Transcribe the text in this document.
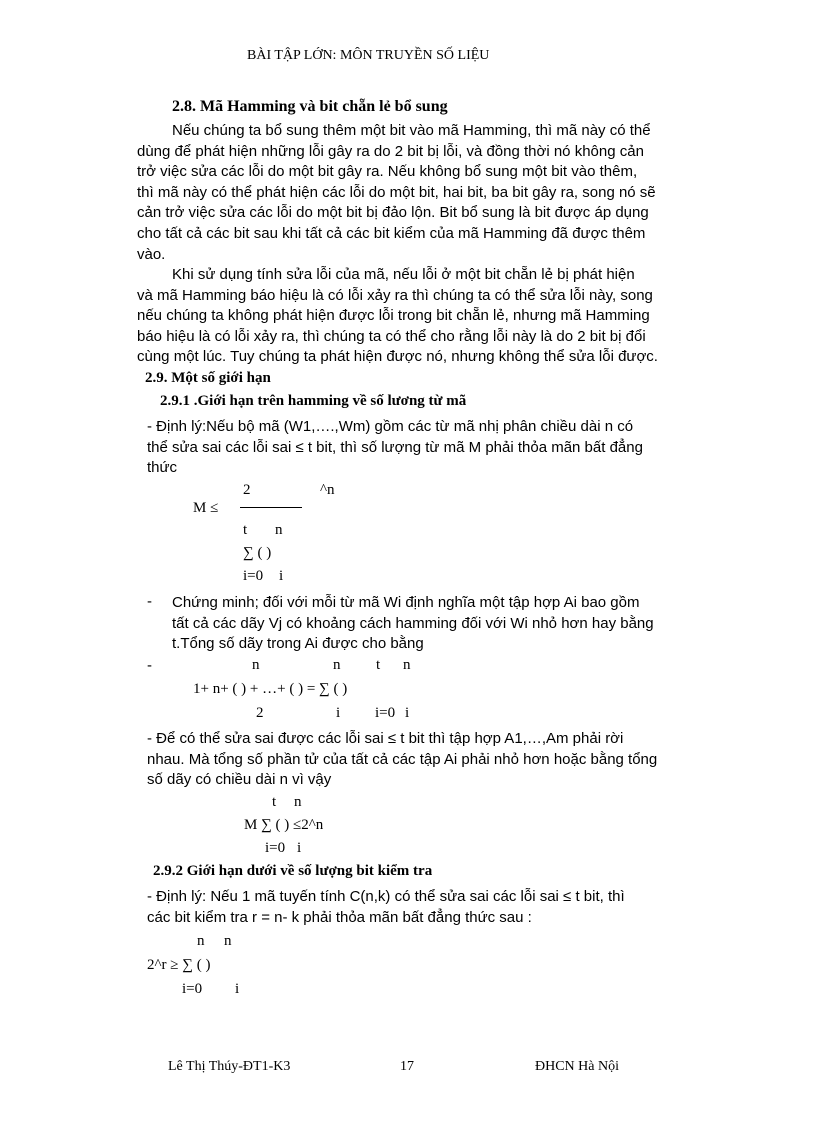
BÀI TẬP LỚN: MÔN TRUYỀN SỐ LIỆU
2.8. Mã Hamming và bit chẵn lẻ bổ sung
Nếu chúng ta bổ sung thêm một bit vào mã Hamming, thì mã này có thể
dùng để phát hiện những lỗi gây ra do 2 bit bị lỗi, và đồng thời nó không cản
trở việc sửa các lỗi do một bit gây ra. Nếu không bổ sung một bit vào thêm,
thì mã này có thể phát hiện các lỗi do một bit, hai bit, ba bit gây ra, song nó sẽ
cản trở việc sửa các lỗi do một bit bị đảo lộn. Bit bổ sung là bit được áp dụng
cho tất cả các bit sau khi tất cả các bit kiểm của mã Hamming đã được thêm
vào.
Khi sử dụng tính sửa lỗi của mã, nếu lỗi ở một bit chẵn lẻ bị phát hiện
và mã Hamming báo hiệu là có lỗi xảy ra thì chúng ta có thể sửa lỗi này, song
nếu chúng ta không phát hiện được lỗi trong bit chẵn lẻ, nhưng mã Hamming
báo hiệu là có lỗi xảy ra, thì chúng ta có thể cho rằng lỗi này là do 2 bit bị đổi
cùng một lúc. Tuy chúng ta phát hiện được nó, nhưng không thể sửa lỗi được.
2.9. Một số giới hạn
2.9.1 .Giới hạn trên hamming về số lương từ mã
- Định lý:Nếu bộ mã (W1,….,Wm) gồm các từ mã nhị phân chiều dài n có
thể sửa sai các lỗi sai ≤ t bit, thì số lượng từ mã M phải thỏa mãn bất đẳng
thức
2	^n
M ≤
t n
∑ ( )
i=0 i
- Chứng minh; đối với mỗi từ mã Wi định nghĩa một tập hợp Ai bao gồm
tất cả các dãy Vj có khoảng cách hamming đối với Wi nhỏ hơn hay bằng
t.Tổng số dãy trong Ai được cho bằng
-	n	n t n
1+ n+ ( ) + …+ ( ) = ∑ ( )
2	i i=0 i
- Để có thể sửa sai được các lỗi sai ≤ t bit thì tập hợp A1,…,Am phải rời
nhau. Mà tổng số phần tử của tất cả các tập Ai phải nhỏ hơn hoặc bằng tổng
số dãy có chiều dài n vì vậy
t n
M ∑ ( ) ≤2^n
i=0 i
2.9.2 Giới hạn dưới về số lượng bit kiểm tra
- Định lý: Nếu 1 mã tuyến tính C(n,k) có thể sửa sai các lỗi sai ≤ t bit, thì
các bit kiểm tra r = n- k phải thỏa mãn bất đẳng thức sau :
n n
2^r ≥ ∑ ( )
i=0 i
Lê Thị Thúy-ĐT1-K3	17	ĐHCN Hà Nội
